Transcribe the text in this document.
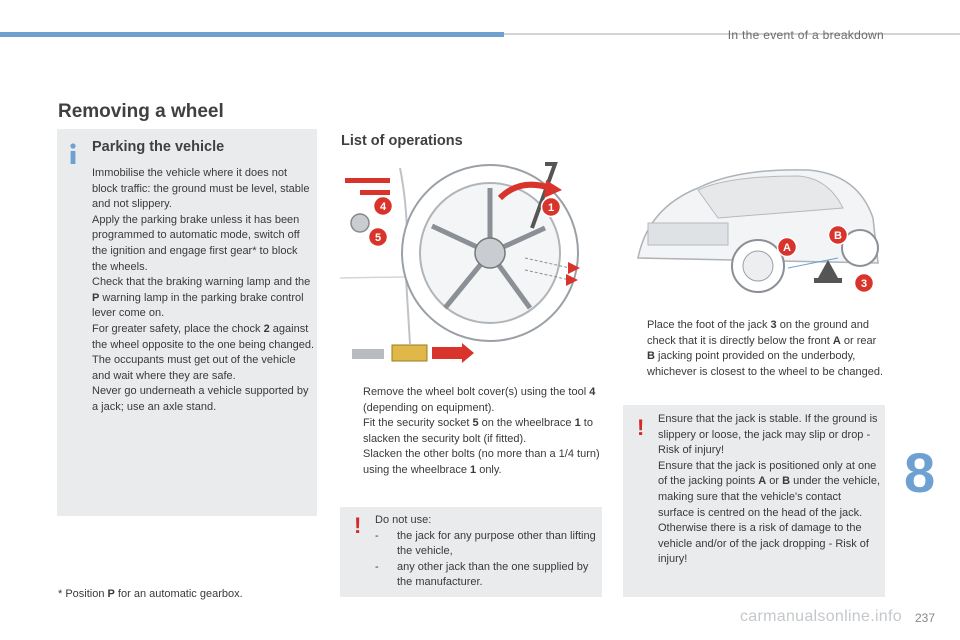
In the event of a breakdown
Removing a wheel
Parking the vehicle

Immobilise the vehicle where it does not block traffic: the ground must be level, stable and not slippery.

Apply the parking brake unless it has been programmed to automatic mode, switch off the ignition and engage first gear* to block the wheels.

Check that the braking warning lamp and the P warning lamp in the parking brake control lever come on.

For greater safety, place the chock 2 against the wheel opposite to the one being changed.

The occupants must get out of the vehicle and wait where they are safe.

Never go underneath a vehicle supported by a jack; use an axle stand.

* Position P for an automatic gearbox.
List of operations
1
4
5
Remove the wheel bolt cover(s) using the tool 4 (depending on equipment).
Fit the security socket 5 on the wheelbrace 1 to slacken the security bolt (if fitted).
Slacken the other bolts (no more than a 1/4 turn) using the wheelbrace 1 only.
! Do not use:

- the jack for any purpose other than lifting the vehicle,
- any other jack than the one supplied by the manufacturer.
A
B
3
Place the foot of the jack 3 on the ground and check that it is directly below the front A or rear B jacking point provided on the underbody, whichever is closest to the wheel to be changed.
! Ensure that the jack is stable. If the ground is slippery or loose, the jack may slip or drop - Risk of injury!

Ensure that the jack is positioned only at one of the jacking points A or B under the vehicle, making sure that the vehicle's contact surface is centred on the head of the jack. Otherwise there is a risk of damage to the vehicle and/or of the jack dropping - Risk of injury!

8
carmanualsonline.info 237
